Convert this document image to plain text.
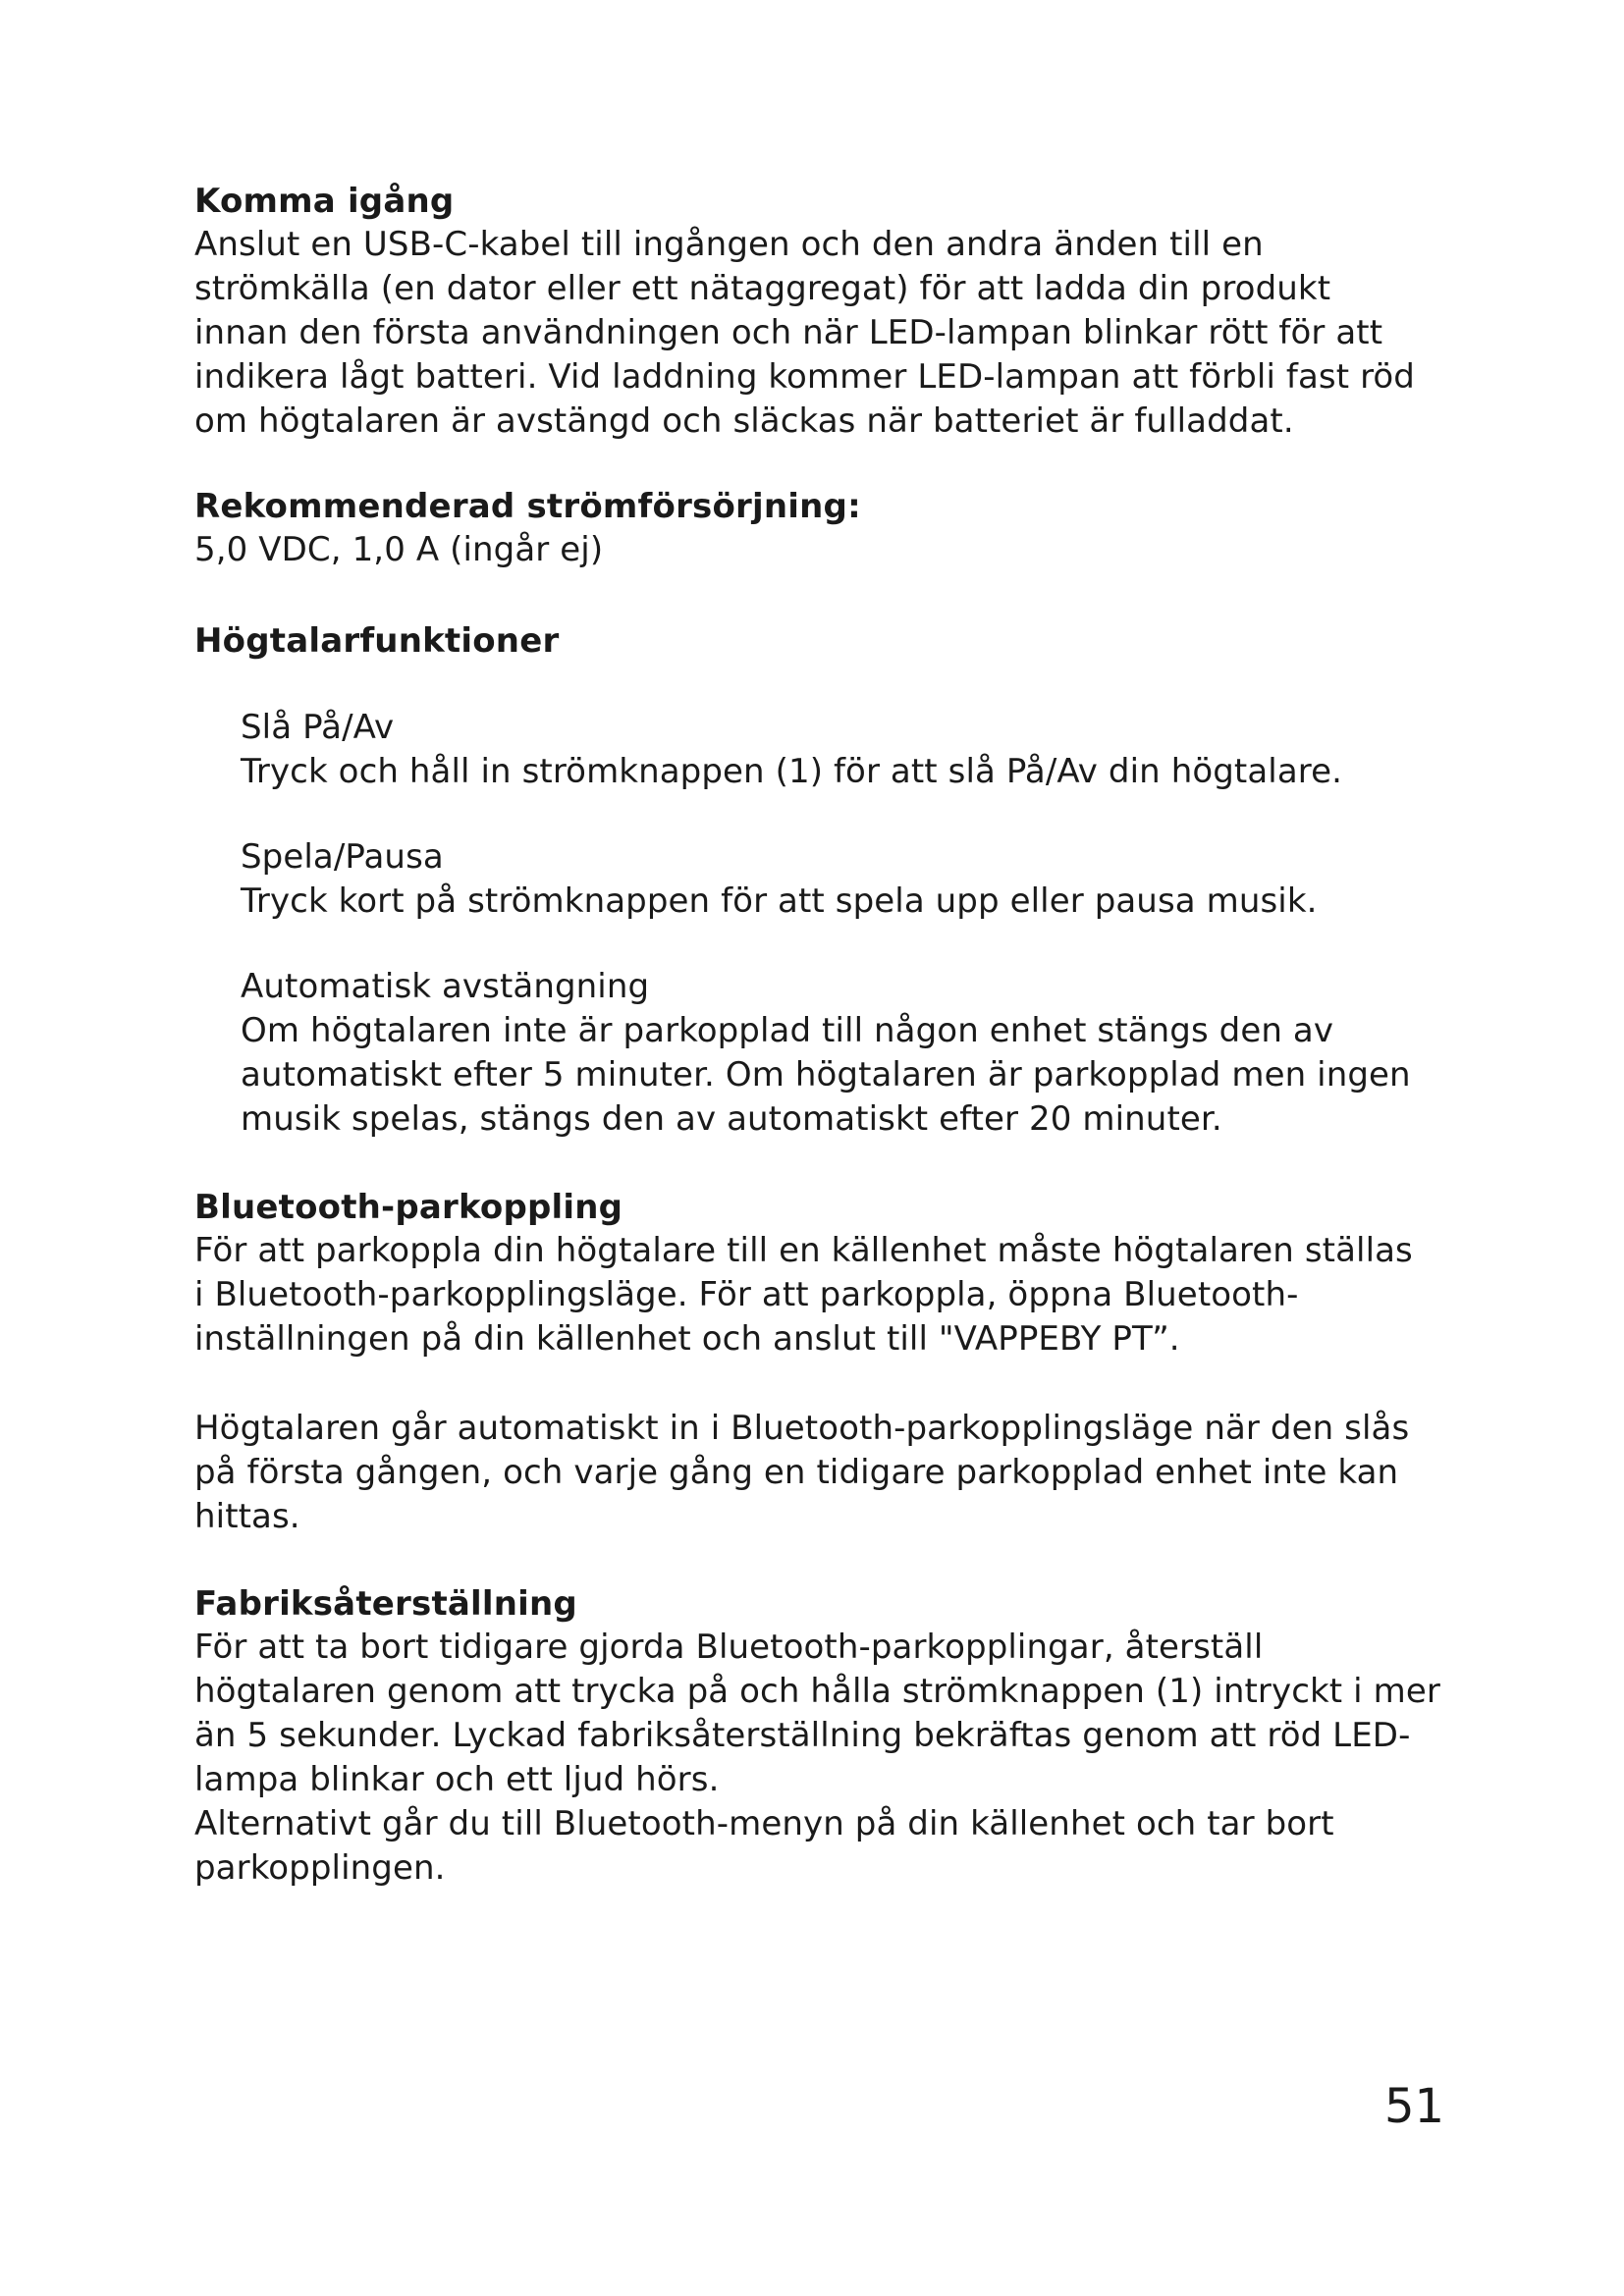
Komma igång

Anslut en USB-C-kabel till ingången och den andra änden till en

strömkälla (en dator eller ett nätaggregat) för att ladda din produkt

innan den första användningen och när LED-lampan blinkar rött för att

indikera lågt batteri. Vid laddning kommer LED-lampan att förbli fast röd

om högtalaren är avstängd och släckas när batteriet är fulladdat.

Rekommenderad strömförsörjning:

5,0 VDC, 1,0 A (ingår ej)

Högtalarfunktioner

Slå På/Av

Tryck och håll in strömknappen (1) för att slå På/Av din högtalare.

Spela/Pausa

Tryck kort på strömknappen för att spela upp eller pausa musik.

Automatisk avstängning

Om högtalaren inte är parkopplad till någon enhet stängs den av

automatiskt efter 5 minuter. Om högtalaren är parkopplad men ingen

musik spelas, stängs den av automatiskt efter 20 minuter.

Bluetooth-parkoppling

För att parkoppla din högtalare till en källenhet måste högtalaren ställas

i Bluetooth-parkopplingsläge. För att parkoppla, öppna Bluetooth-

inställningen på din källenhet och anslut till "VAPPEBY PT”.

Högtalaren går automatiskt in i Bluetooth-parkopplingsläge när den slås

på första gången, och varje gång en tidigare parkopplad enhet inte kan

hittas.

Fabriksåterställning

För att ta bort tidigare gjorda Bluetooth-parkopplingar, återställ

högtalaren genom att trycka på och hålla strömknappen (1) intryckt i mer

än 5 sekunder. Lyckad fabriksåterställning bekräftas genom att röd LED-

lampa blinkar och ett ljud hörs.

Alternativt går du till Bluetooth-menyn på din källenhet och tar bort

parkopplingen.

51
